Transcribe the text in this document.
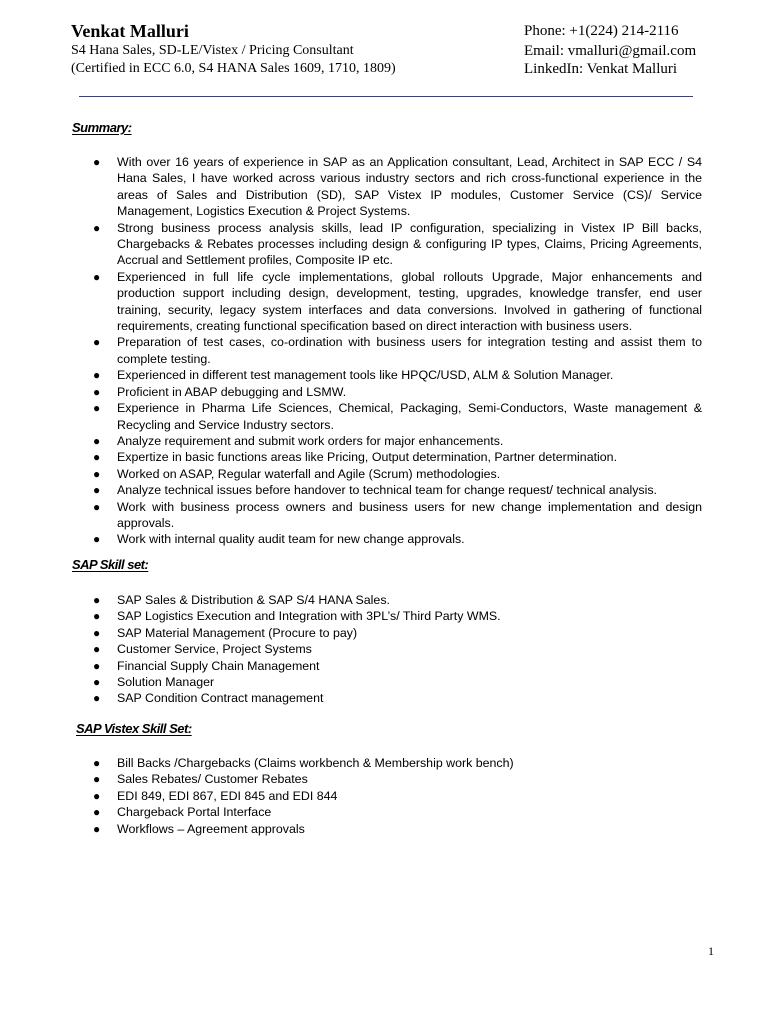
Venkat Malluri
S4 Hana Sales, SD-LE/Vistex / Pricing Consultant
(Certified in ECC 6.0, S4 HANA Sales 1609, 1710, 1809)
Phone: +1(224) 214-2116
Email: vmalluri@gmail.com
LinkedIn: Venkat Malluri
Summary:
● With over 16 years of experience in SAP as an Application consultant, Lead, Architect in SAP ECC / S4 Hana Sales, I have worked across various industry sectors and rich cross-functional experience in the areas of Sales and Distribution (SD), SAP Vistex IP modules, Customer Service (CS)/ Service Management, Logistics Execution & Project Systems.
● Strong business process analysis skills, lead IP configuration, specializing in Vistex IP Bill backs, Chargebacks & Rebates processes including design & configuring IP types, Claims, Pricing Agreements, Accrual and Settlement profiles, Composite IP etc.
● Experienced in full life cycle implementations, global rollouts Upgrade, Major enhancements and production support including design, development, testing, upgrades, knowledge transfer, end user training, security, legacy system interfaces and data conversions. Involved in gathering of functional requirements, creating functional specification based on direct interaction with business users.
● Preparation of test cases, co-ordination with business users for integration testing and assist them to complete testing.
● Experienced in different test management tools like HPQC/USD, ALM & Solution Manager.
● Proficient in ABAP debugging and LSMW.
● Experience in Pharma Life Sciences, Chemical, Packaging, Semi-Conductors, Waste management & Recycling and Service Industry sectors.
● Analyze requirement and submit work orders for major enhancements.
● Expertize in basic functions areas like Pricing, Output determination, Partner determination.
● Worked on ASAP, Regular waterfall and Agile (Scrum) methodologies.
● Analyze technical issues before handover to technical team for change request/ technical analysis.
● Work with business process owners and business users for new change implementation and design approvals.
● Work with internal quality audit team for new change approvals.
SAP Skill set:
● SAP Sales & Distribution & SAP S/4 HANA Sales.
● SAP Logistics Execution and Integration with 3PL’s/ Third Party WMS.
● SAP Material Management (Procure to pay)
● Customer Service, Project Systems
● Financial Supply Chain Management
● Solution Manager
● SAP Condition Contract management
SAP Vistex Skill Set:
● Bill Backs /Chargebacks (Claims workbench & Membership work bench)
● Sales Rebates/ Customer Rebates
● EDI 849, EDI 867, EDI 845 and EDI 844
● Chargeback Portal Interface
● Workflows – Agreement approvals
1
